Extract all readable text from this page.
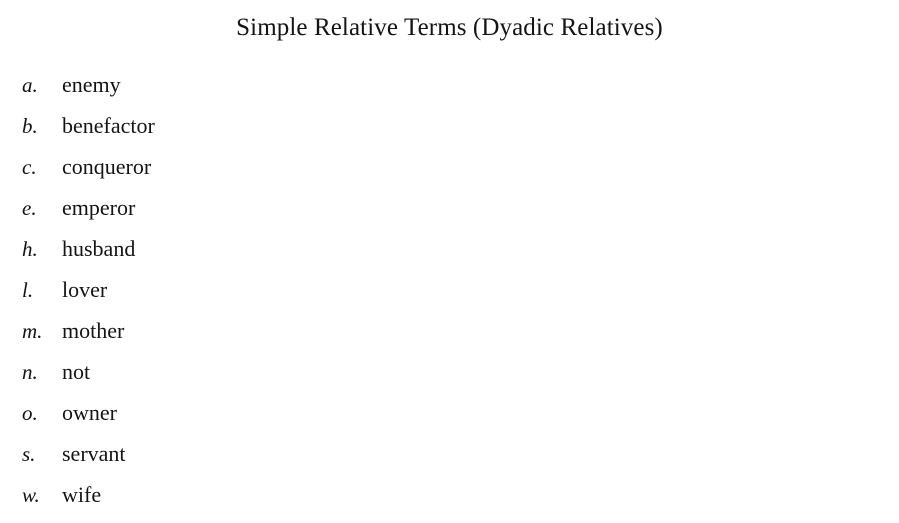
Simple Relative Terms (Dyadic Relatives)
a.	enemy
b.	benefactor
c.	conqueror
e.	emperor
h.	husband
l.	lover
m. mother
n.	not
o.	owner
s.	servant
w.	wife
